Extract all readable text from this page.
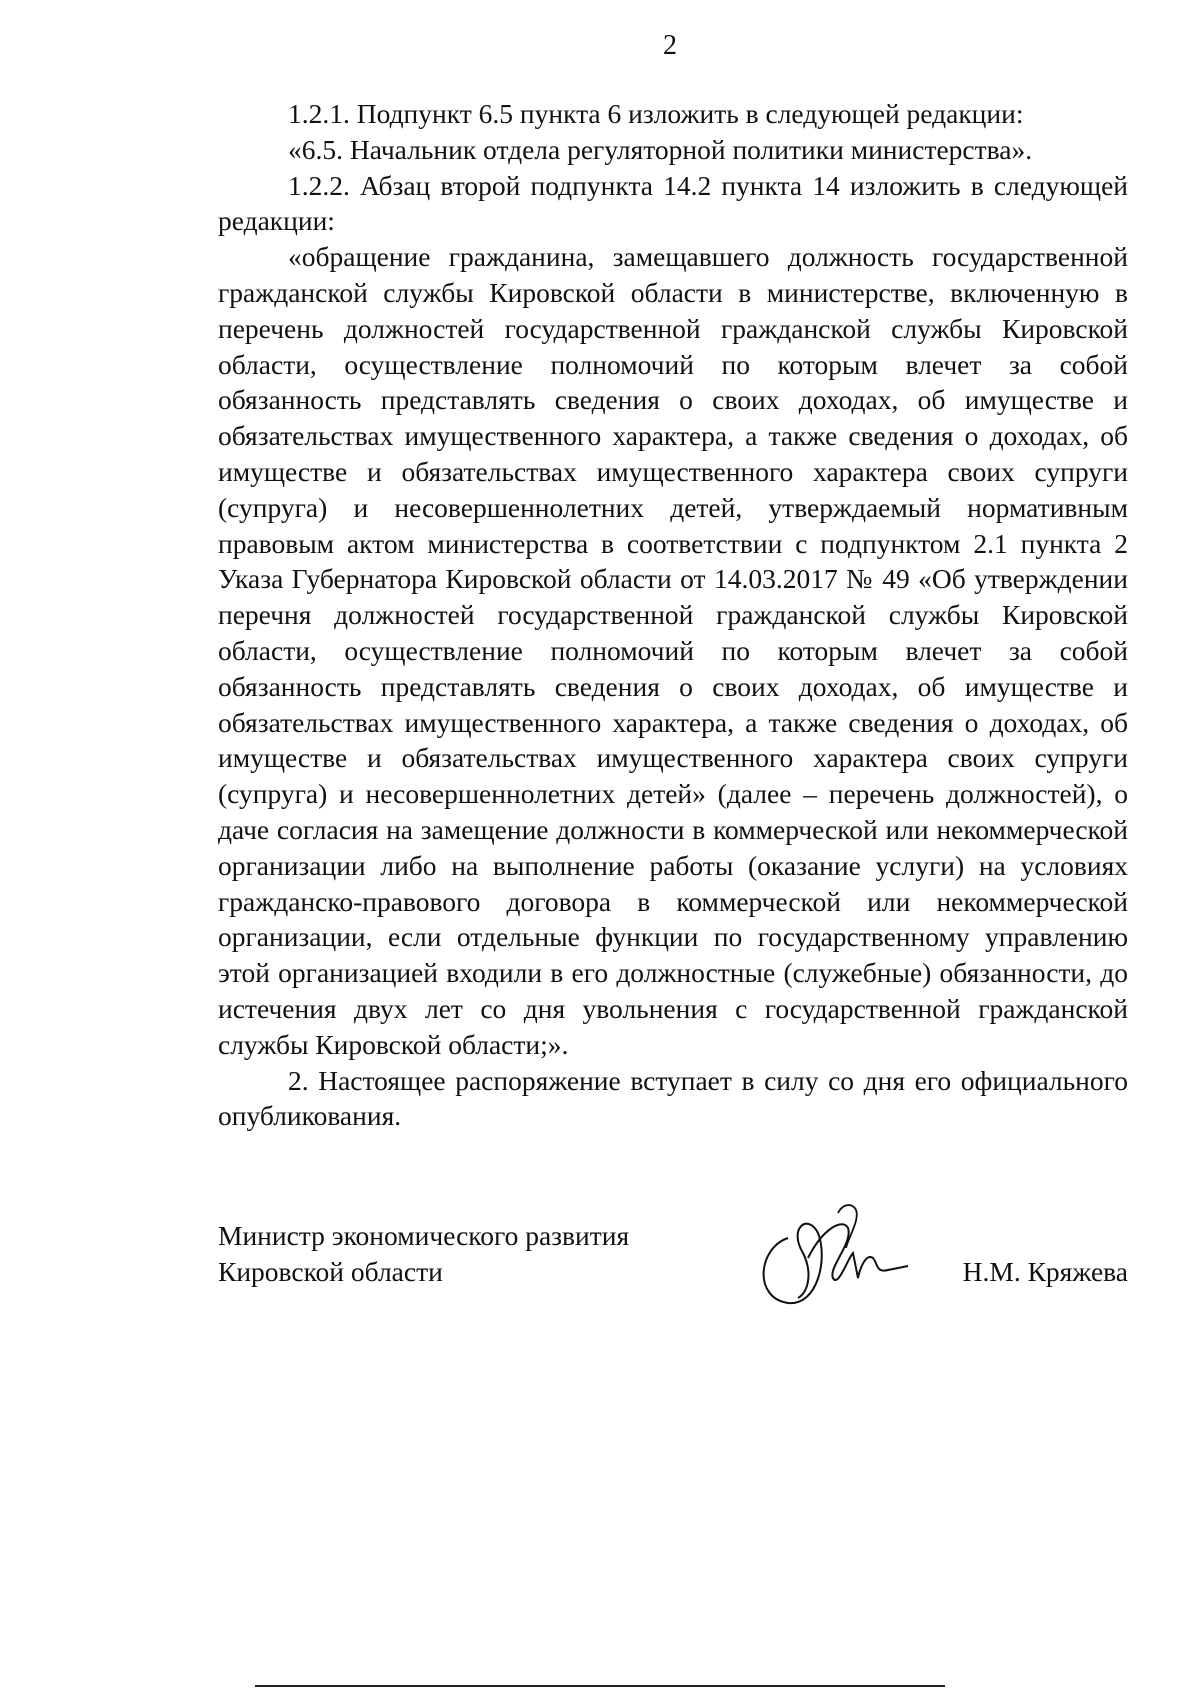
2

1.2.1. Подпункт 6.5 пункта 6 изложить в следующей редакции:

«6.5. Начальник отдела регуляторной политики министерства».

1.2.2. Абзац второй подпункта 14.2 пункта 14 изложить в следующей редакции:

«обращение гражданина, замещавшего должность государственной гражданской службы Кировской области в министерстве, включенную в перечень должностей государственной гражданской службы Кировской области, осуществление полномочий по которым влечет за собой обязанность представлять сведения о своих доходах, об имуществе и обязательствах имущественного характера, а также сведения о доходах, об имуществе и обязательствах имущественного характера своих супруги (супруга) и несовершеннолетних детей, утверждаемый нормативным правовым актом министерства в соответствии с подпунктом 2.1 пункта 2 Указа Губернатора Кировской области от 14.03.2017 № 49 «Об утверждении перечня должностей государственной гражданской службы Кировской области, осуществление полномочий по которым влечет за собой обязанность представлять сведения о своих доходах, об имуществе и обязательствах имущественного характера, а также сведения о доходах, об имуществе и обязательствах имущественного характера своих супруги (супруга) и несовершеннолетних детей» (далее – перечень должностей), о даче согласия на замещение должности в коммерческой или некоммерческой организации либо на выполнение работы (оказание услуги) на условиях гражданско-правового договора в коммерческой или некоммерческой организации, если отдельные функции по государственному управлению этой организацией входили в его должностные (служебные) обязанности, до истечения двух лет со дня увольнения с государственной гражданской службы Кировской области;».

2. Настоящее распоряжение вступает в силу со дня его официального опубликования.

Министр экономического развития
Кировской области	Н.М. Кряжева
